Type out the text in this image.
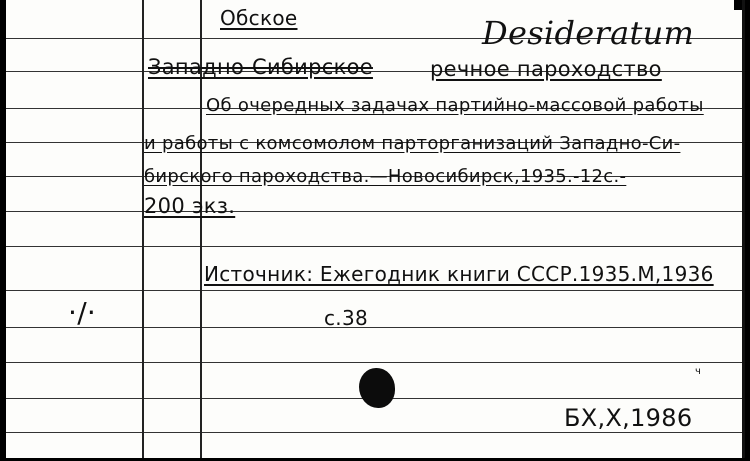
Обское	Desideratum
Западно-Сибирское	речное пароходство
Об очередных задачах партийно-массовой работы
и работы с комсомолом парторганизаций Западно-Си-
бирского пароходства.—Новосибирск,1935.-12с.-
200 экз.
Источник: Ежегодник книги СССР.1935.М,1936
с.38
·/·
ч
БХ,Х,1986
